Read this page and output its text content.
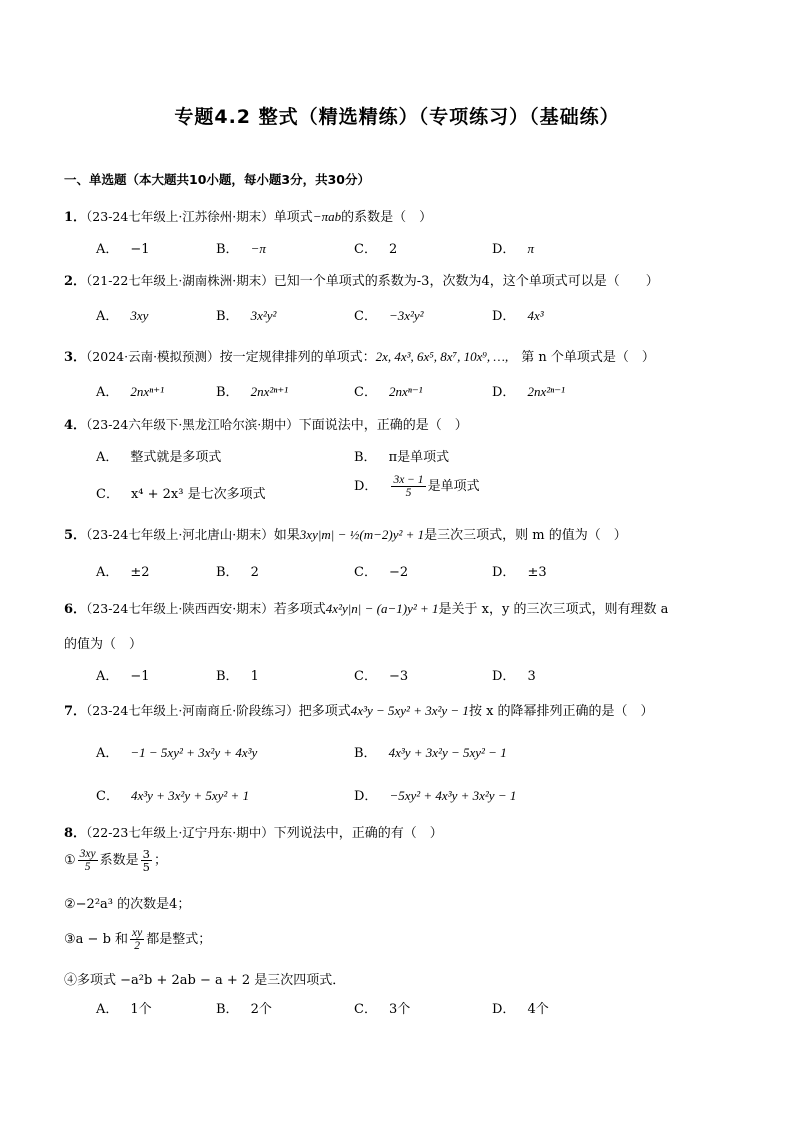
专题4.2 整式（精选精练）（专项练习）（基础练）
一、单选题（本大题共10小题，每小题3分，共30分）
1．（23-24七年级上·江苏徐州·期末）单项式−πab的系数是（　）
A． −1	B． −π	C． 2	D． π
2．（21-22七年级上·湖南株洲·期末）已知一个单项式的系数为-3，次数为4，这个单项式可以是（　　）
A． 3xy	B． 3x²y²	C． −3x²y²	D． 4x³
3．（2024·云南·模拟预测）按一定规律排列的单项式：2x, 4x³, 6x⁵, 8x⁷, 10x⁹, …,　第 n 个单项式是（　）
A． 2nxⁿ⁺¹	B． 2nx²ⁿ⁺¹	C． 2nxⁿ⁻¹	D． 2nx²ⁿ⁻¹
4．（23-24六年级下·黑龙江哈尔滨·期中）下面说法中，正确的是（　）
A． 整式就是多项式	B． π是单项式
C． x⁴ + 2x³ 是七次多项式
D． $\frac{3x - 1}{5}$ 是单项式
5．（23-24七年级上·河北唐山·期末）如果3xy|m| − ½(m−2)y² + 1是三次三项式，则 m 的值为（　）
A． ±2	B． 2	C． −2	D． ±3
6．（23-24七年级上·陕西西安·期末）若多项式4x²y|n| − (a−1)y² + 1是关于 x，y 的三次三项式，则有理数 a
的值为（　）
A． −1	B． 1	C． −3	D． 3
7．（23-24七年级上·河南商丘·阶段练习）把多项式4x³y − 5xy² + 3x²y − 1按 x 的降幂排列正确的是（　）
A． −1 − 5xy² + 3x²y + 4x³y	B． 4x³y + 3x²y − 5xy² − 1
C． 4x³y + 3x²y + 5xy² + 1	D． −5xy² + 4x³y + 3x²y − 1
8．（22-23七年级上·辽宁丹东·期中）下列说法中，正确的有（　）
① $\frac{3xy}{5}$ 系数是 $\frac{3}{5}$ ；
②−2²a³ 的次数是4；
③a − b 和 $\frac{xy}{2}$ 都是整式；
④多项式 −a²b + 2ab − a + 2 是三次四项式．
A． 1个	B． 2个	C． 3个	D． 4个
